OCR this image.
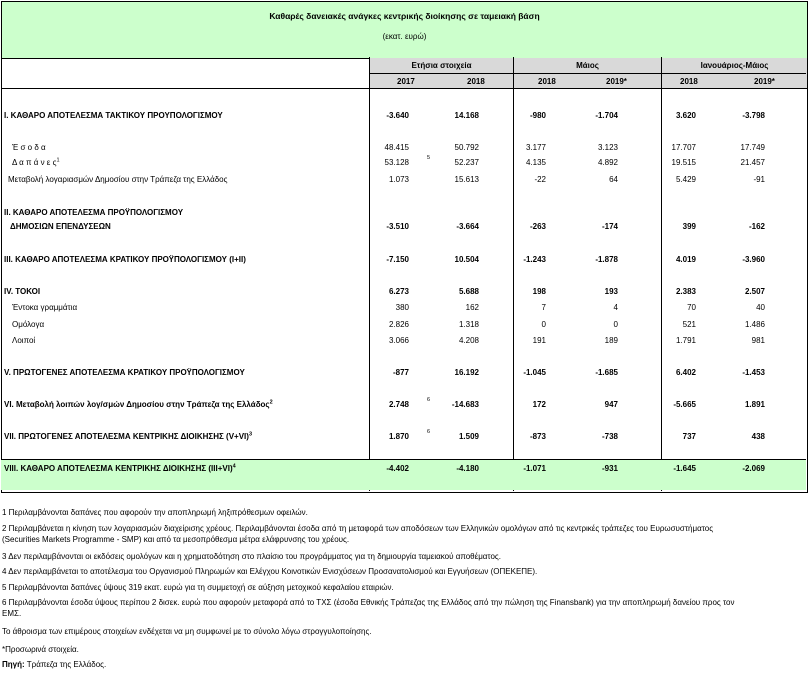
Καθαρές δανειακές ανάγκες κεντρικής διοίκησης σε ταμειακή βάση
(εκατ. ευρώ)
Ετήσια στοιχεία	Μάιος	Ιανουάριος-Μάιος
2017	2018	2018	2019*	2018	2019*
Ι. ΚΑΘΑΡΟ ΑΠΟΤΕΛΕΣΜΑ ΤΑΚΤΙΚΟΥ ΠΡΟΥΠΟΛΟΓΙΣΜΟΥ	-3.640	14.168	-980	-1.704	3.620	-3.798
Έ σ ο δ α	48.415	50.792	3.177	3.123	17.707	17.749
Δ α π ά ν ε $\varsigma^1$	53.128	52.237	4.135	4.892	19.515	21.457
5
Μεταβολή λογαριασμών Δημοσίου στην Τράπεζα της Ελλάδος	1.073	15.613	-22	64	5.429	-91
ΙΙ. ΚΑΘΑΡΟ ΑΠΟΤΕΛΕΣΜΑ ΠΡΟΫΠΟΛΟΓΙΣΜΟΥ
ΔΗΜΟΣΙΩΝ ΕΠΕΝΔΥΣΕΩΝ	-3.510	-3.664	-263	-174	399	-162
ΙΙΙ. ΚΑΘΑΡΟ ΑΠΟΤΕΛΕΣΜΑ ΚΡΑΤΙΚΟΥ ΠΡΟΫΠΟΛΟΓΙΣΜΟΥ (Ι+ΙΙ)	-7.150	10.504	-1.243	-1.878	4.019	-3.960
ΙV. ΤΟΚΟΙ	6.273	5.688	198	193	2.383	2.507
Έντοκα γραμμάτια	380	162	7	4	70	40
Ομόλογα	2.826	1.318	0	0	521	1.486
Λοιποί	3.066	4.208	191	189	1.791	981
V. ΠΡΩΤΟΓΕΝΕΣ ΑΠΟΤΕΛΕΣΜΑ ΚΡΑΤΙΚΟΥ ΠΡΟΫΠΟΛΟΓΙΣΜΟΥ	-877	16.192	-1.045	-1.685	6.402	-1.453
VI. Μεταβολή λοιπών λογ/σμών Δημοσίου στην Τράπεζα της Ελλάδος$^2$	2.748	-14.683	172	947	-5.665	1.891
6
VII. ΠΡΩΤΟΓΕΝΕΣ ΑΠΟΤΕΛΕΣΜΑ ΚΕΝΤΡΙΚΗΣ ΔΙΟΙΚΗΣΗΣ $(V+VI)^3$	1.870	1.509	-873	-738	737	438
6
VIII. ΚΑΘΑΡΟ ΑΠΟΤΕΛΕΣΜΑ ΚΕΝΤΡΙΚΗΣ ΔΙΟΙΚΗΣΗΣ $(III+VI)^4$	-4.402	-4.180	-1.071	-931	-1.645	-2.069
1 Περιλαμβάνονται δαπάνες που αφορούν την αποπληρωμή ληξιπρόθεσμων οφειλών.
2 Περιλαμβάνεται η κίνηση των λογαριασμών διαχείρισης χρέους. Περιλαμβάνονται έσοδα από τη μεταφορά των αποδόσεων των Ελληνικών ομολόγων από τις κεντρικές τράπεζες του Ευρωσυστήματος
(Securities Markets Programme - SMP) και από τα μεσοπρόθεσμα μέτρα ελάφρυνσης του χρέους.
3 Δεν περιλαμβάνονται οι εκδόσεις ομολόγων και η χρηματοδότηση στο πλαίσιο του προγράμματος για τη δημιουργία ταμειακού αποθέματος.
4 Δεν περιλαμβάνεται το αποτέλεσμα του Οργανισμού Πληρωμών και Ελέγχου Κοινοτικών Ενισχύσεων Προσανατολισμού και Εγγυήσεων (ΟΠΕΚΕΠΕ).
5 Περιλαμβάνονται δαπάνες ύψους 319 εκατ. ευρώ για τη συμμετοχή σε αύξηση μετοχικού κεφαλαίου εταιριών.
6 Περιλαμβάνονται έσοδα ύψους περίπου 2 δισεκ. ευρώ που αφορούν μεταφορά από το ΤΧΣ (έσοδα Εθνικής Τράπεζας της Ελλάδος από την πώληση της Finansbank) για την αποπληρωμή δανείου προς τον
ΕΜΣ.
Το άθροισμα των επιμέρους στοιχείων ενδέχεται να μη συμφωνεί με το σύνολο λόγω στρογγυλοποίησης.
*Προσωρινά στοιχεία.
Πηγή: Τράπεζα της Ελλάδος.
